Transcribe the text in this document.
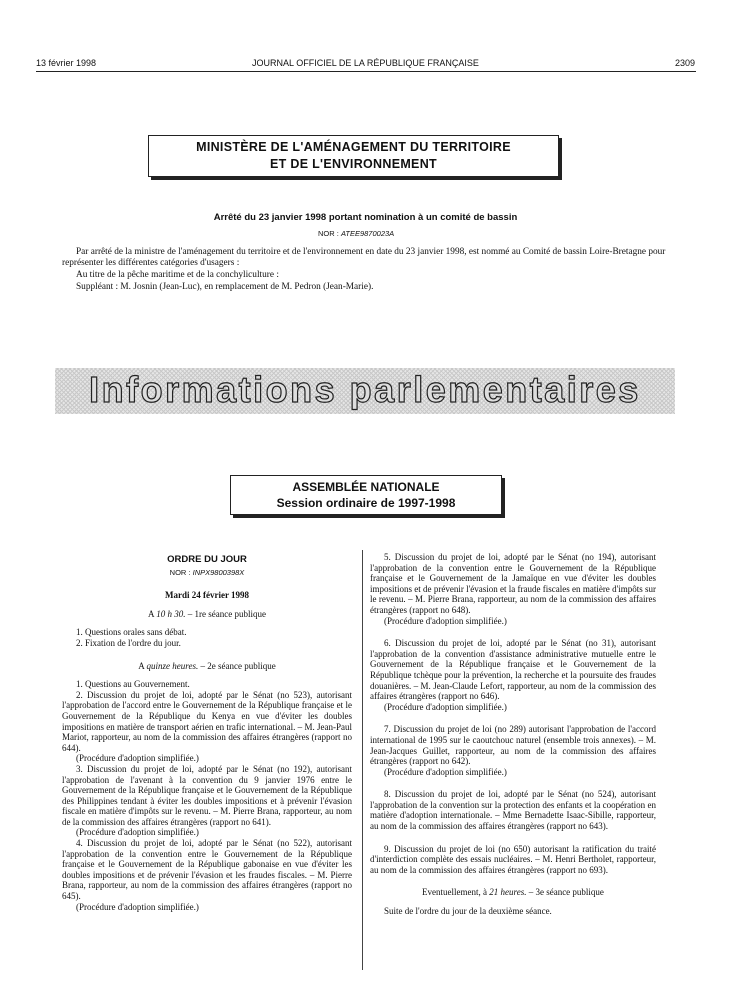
13 février 1998	JOURNAL OFFICIEL DE LA RÉPUBLIQUE FRANÇAISE	2309
MINISTÈRE DE L'AMÉNAGEMENT DU TERRITOIRE
ET DE L'ENVIRONNEMENT
Arrêté du 23 janvier 1998 portant nomination à un comité de bassin
NOR : ATEE9870023A
Par arrêté de la ministre de l'aménagement du territoire et de l'environnement en date du 23 janvier 1998, est nommé au Comité de bassin Loire-Bretagne pour représenter les différentes catégories d'usagers :
Au titre de la pêche maritime et de la conchyliculture :
Suppléant : M. Josnin (Jean-Luc), en remplacement de M. Pedron (Jean-Marie).
Informations parlementaires
ASSEMBLÉE NATIONALE
Session ordinaire de 1997-1998

ORDRE DU JOUR

NOR : INPX9800398X

Mardi 24 février 1998

A 10 h 30. – 1re séance publique

1. Questions orales sans débat.

2. Fixation de l'ordre du jour.

A quinze heures. – 2e séance publique

1. Questions au Gouvernement.

2. Discussion du projet de loi, adopté par le Sénat (no 523), autorisant l'approbation de l'accord entre le Gouvernement de la République française et le Gouvernement de la République du Kenya en vue d'éviter les doubles impositions en matière de transport aérien en trafic international. – M. Jean-Paul Mariot, rapporteur, au nom de la commission des affaires étrangères (rapport no 644).

(Procédure d'adoption simplifiée.)

3. Discussion du projet de loi, adopté par le Sénat (no 192), autorisant l'approbation de l'avenant à la convention du 9 janvier 1976 entre le Gouvernement de la République française et le Gouvernement de la République des Philippines tendant à éviter les doubles impositions et à prévenir l'évasion fiscale en matière d'impôts sur le revenu. – M. Pierre Brana, rapporteur, au nom de la commission des affaires étrangères (rapport no 641).

(Procédure d'adoption simplifiée.)

4. Discussion du projet de loi, adopté par le Sénat (no 522), autorisant l'approbation de la convention entre le Gouvernement de la République française et le Gouvernement de la République gabonaise en vue d'éviter les doubles impositions et de prévenir l'évasion et les fraudes fiscales. – M. Pierre Brana, rapporteur, au nom de la commission des affaires étrangères (rapport no 645).

(Procédure d'adoption simplifiée.)

5. Discussion du projet de loi, adopté par le Sénat (no 194), autorisant l'approbation de la convention entre le Gouvernement de la République française et le Gouvernement de la Jamaïque en vue d'éviter les doubles impositions et de prévenir l'évasion et la fraude fiscales en matière d'impôts sur le revenu. – M. Pierre Brana, rapporteur, au nom de la commission des affaires étrangères (rapport no 648).

(Procédure d'adoption simplifiée.)

6. Discussion du projet de loi, adopté par le Sénat (no 31), autorisant l'approbation de la convention d'assistance administrative mutuelle entre le Gouvernement de la République française et le Gouvernement de la République tchèque pour la prévention, la recherche et la poursuite des fraudes douanières. – M. Jean-Claude Lefort, rapporteur, au nom de la commission des affaires étrangères (rapport no 646).

(Procédure d'adoption simplifiée.)

7. Discussion du projet de loi (no 289) autorisant l'approbation de l'accord international de 1995 sur le caoutchouc naturel (ensemble trois annexes). – M. Jean-Jacques Guillet, rapporteur, au nom de la commission des affaires étrangères (rapport no 642).

(Procédure d'adoption simplifiée.)

8. Discussion du projet de loi, adopté par le Sénat (no 524), autorisant l'approbation de la convention sur la protection des enfants et la coopération en matière d'adoption internationale. – Mme Bernadette Isaac-Sibille, rapporteur, au nom de la commission des affaires étrangères (rapport no 643).

9. Discussion du projet de loi (no 650) autorisant la ratification du traité d'interdiction complète des essais nucléaires. – M. Henri Bertholet, rapporteur, au nom de la commission des affaires étrangères (rapport no 693).

Eventuellement, à 21 heures. – 3e séance publique

Suite de l'ordre du jour de la deuxième séance.
